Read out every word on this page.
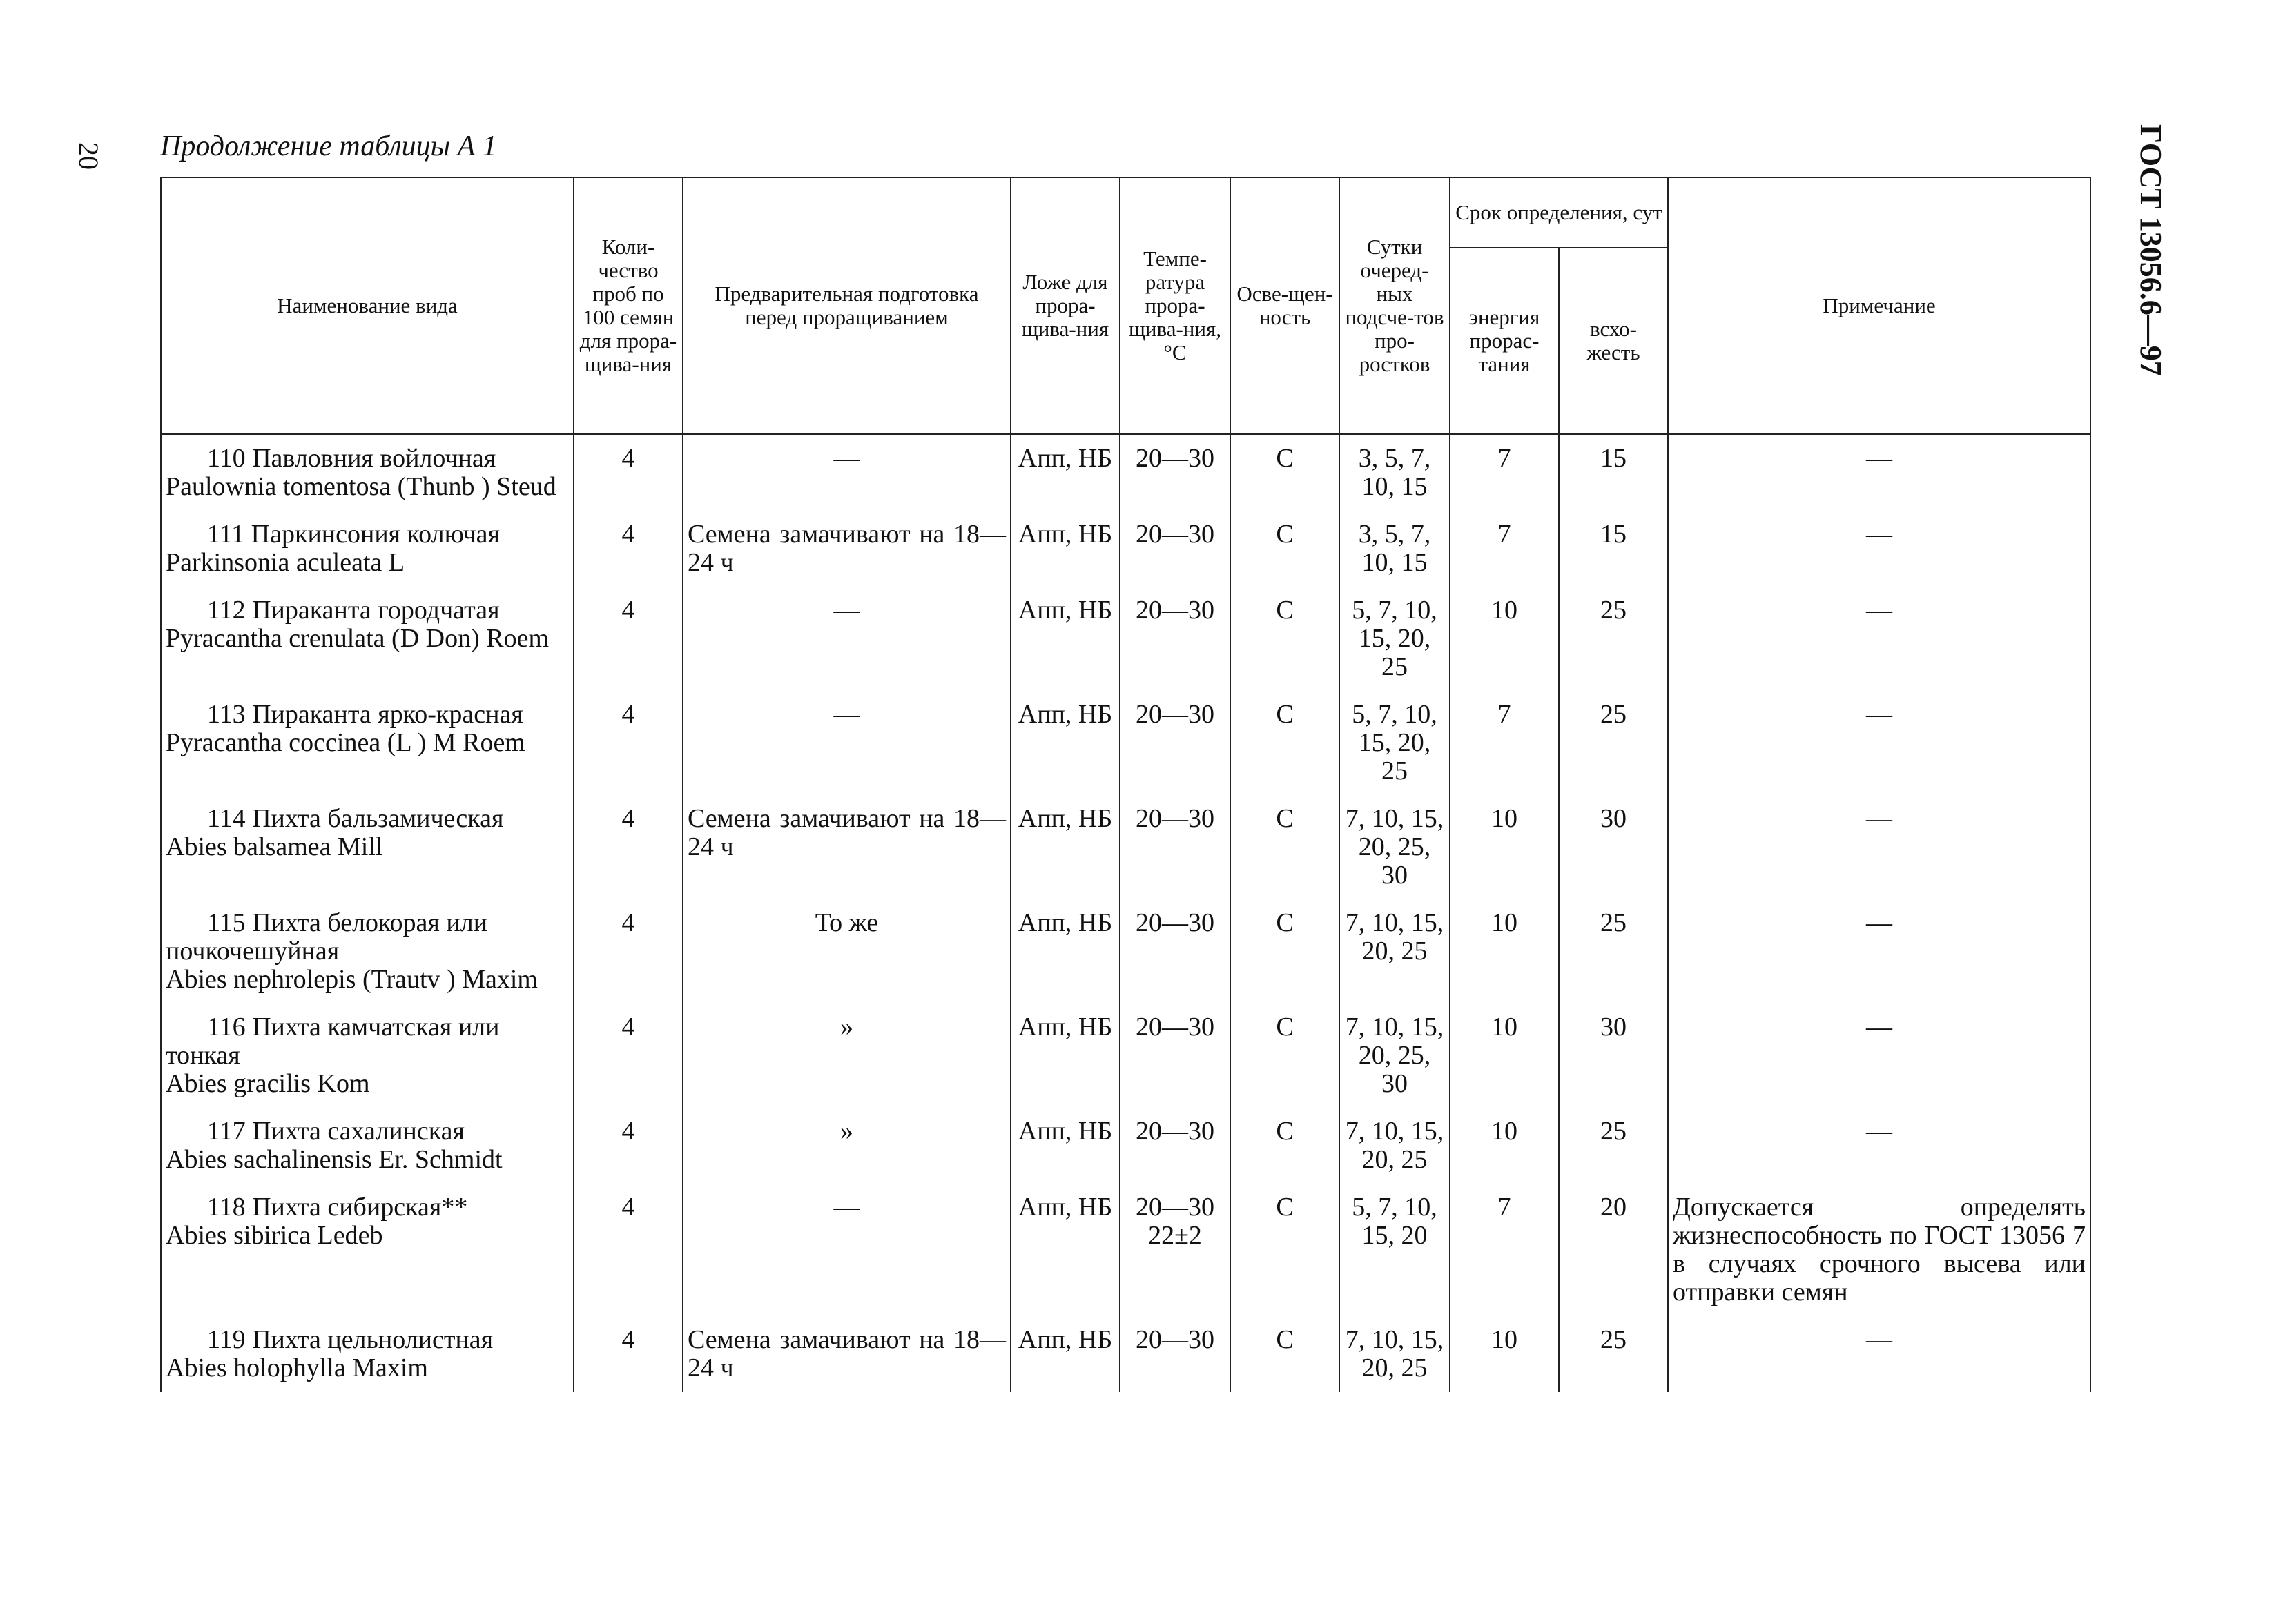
20 Продолжение таблицы А 1	ГОСТ 13056.6—97
Наименование вида	Коли-чество проб по 100 семян для прора-щива-ния	Предварительная подготовка перед проращиванием	Ложе для прора-щива-ния	Темпе-ратура прора-щива-ния, °С	Осве-щен-ность	Сутки очеред-ных подсче-тов про-ростков	Срок определения, сут		Примечание
							энергия прорас-тания	всхо-жесть	

110 Павловния войлочная
Paulownia tomentosa (Thunb ) Steud	4	—	Апп, НБ	20—30	С	3, 5, 7, 10, 15	7	15	—

111 Паркинсония колючая
Parkinsonia aculeata L	4	Семена замачивают на 18—24 ч	Апп, НБ	20—30	С	3, 5, 7, 10, 15	7	15	—

112 Пираканта городчатая
Pyracantha crenulata (D Don) Roem	4	—	Апп, НБ	20—30	С	5, 7, 10, 15, 20, 25	10	25	—

113 Пираканта ярко-красная
Pyracantha coccinea (L ) M Roem	4	—	Апп, НБ	20—30	С	5, 7, 10, 15, 20, 25	7	25	—

114 Пихта бальзамическая
Abies balsamea Mill	4	Семена замачивают на 18—24 ч	Апп, НБ	20—30	С	7, 10, 15, 20, 25, 30	10	30	—

115 Пихта белокорая или почкочешуйная
Abies nephrolepis (Trautv ) Maxim	4	То же	Апп, НБ	20—30	С	7, 10, 15, 20, 25	10	25	—

116 Пихта камчатская или тонкая
Abies gracilis Kom	4	»	Апп, НБ	20—30	С	7, 10, 15, 20, 25, 30	10	30	—

117 Пихта сахалинская
Abies sachalinensis Er. Schmidt	4	»	Апп, НБ	20—30	С	7, 10, 15, 20, 25	10	25	—

118 Пихта сибирская**
Abies sibirica Ledeb	4	—	Апп, НБ	20—30 22±2	С	5, 7, 10, 15, 20	7	20	Допускается определять жизнеспособность по ГОСТ 13056 7 в случаях срочного высева или отправки семян

119 Пихта цельнолистная
Abies holophylla Maxim	4	Семена замачивают на 18—24 ч	Апп, НБ	20—30	С	7, 10, 15, 20, 25	10	25	—
